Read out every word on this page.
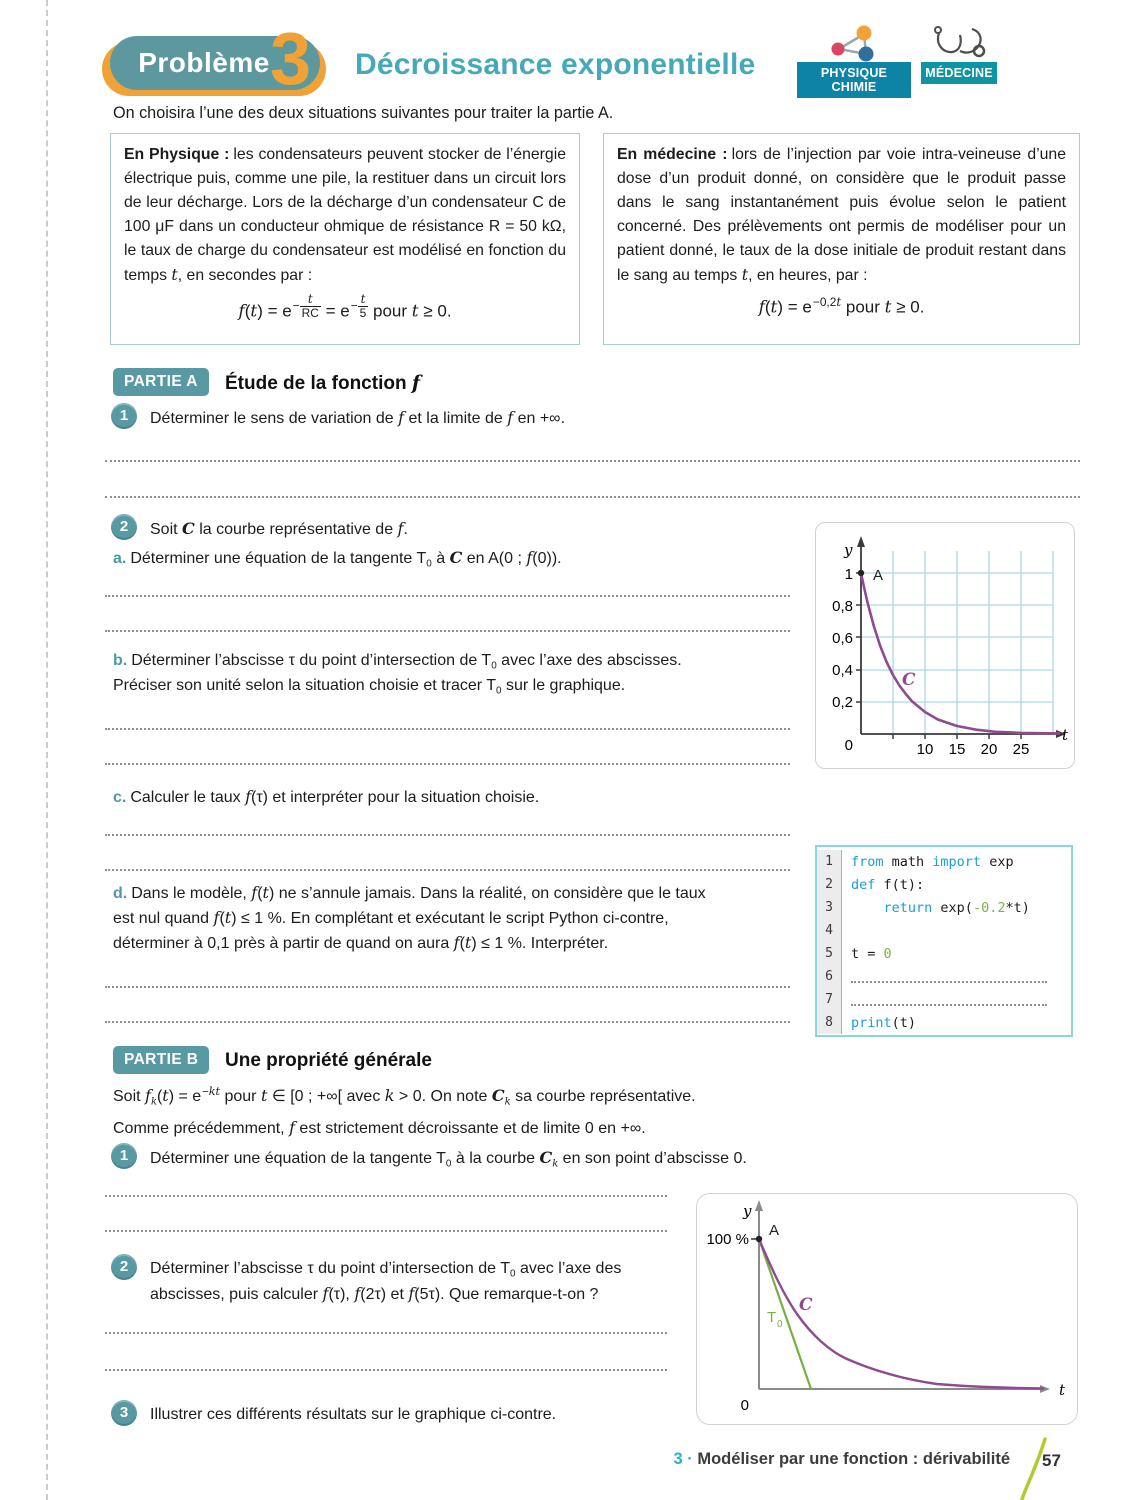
Problème 3 Décroissance exponentielle	PHYSIQUE CHIMIE
MÉDECINE
On choisira l’une des deux situations suivantes pour traiter la partie A.
En Physique : les condensateurs peuvent stocker de l’énergie électrique puis, comme une pile, la restituer dans un circuit lors de leur décharge. Lors de la décharge d’un condensateur C de 100 μF dans un conducteur ohmique de résistance R = 50 kΩ, le taux de charge du condensateur est modélisé en fonction du temps t, en secondes par :
$f(t) = e- \frac{t}{RC} = e- \frac{t}{5}$ pour t ≥ 0.
En médecine : lors de l’injection par voie intra-veineuse d’une dose d’un produit donné, on considère que le produit passe dans le sang instantanément puis évolue selon le patient concerné. Des prélèvements ont permis de modéliser pour un patient donné, le taux de la dose initiale de produit restant dans le sang au temps t, en heures, par :
f(t) = e−0,2t pour t ≥ 0.
PARTIE A	Étude de la fonction f
1	Déterminer le sens de variation de f et la limite de f en +∞.
2	Soit C la courbe représentative de f.
a. Déterminer une équation de la tangente $T_0$ à C en A(0 ; f(0)).	y
t
A
1
0,8
0,6
0,4
0,2
0	10 15 20 25
C
b. Déterminer l’abscisse τ du point d’intersection de $T_0$ avec l’axe des abscisses.
Préciser son unité selon la situation choisie et tracer $T_0$ sur le graphique.
c. Calculer le taux f(τ) et interpréter pour la situation choisie.
1	from math import exp
2	def f(t):
3	return exp(-0.2*t)
4
5	t = 0
6
7
8	print(t)
d. Dans le modèle, f(t) ne s’annule jamais. Dans la réalité, on considère que le taux
est nul quand f(t) ≤ 1 %. En complétant et exécutant le script Python ci-contre,
déterminer à 0,1 près à partir de quand on aura f(t) ≤ 1 %. Interpréter.
PARTIE B	Une propriété générale
Soit $f_k(t) = e-kt$ pour t ∈ [0 ; +∞[ avec k > 0. On note $C_k$ sa courbe représentative.
Comme précédemment, f est strictement décroissante et de limite 0 en +∞.
1	Déterminer une équation de la tangente $T_0$ à la courbe $C_k$ en son point d’abscisse 0.
y
t
100 %
A
T 0
C
0
2	Déterminer l’abscisse τ du point d’intersection de $T_0$ avec l’axe des
abscisses, puis calculer f(τ), f(2τ) et f(5τ). Que remarque-t-on ?
3	Illustrer ces différents résultats sur le graphique ci-contre.
3 · Modéliser par une fonction : dérivabilité 57
